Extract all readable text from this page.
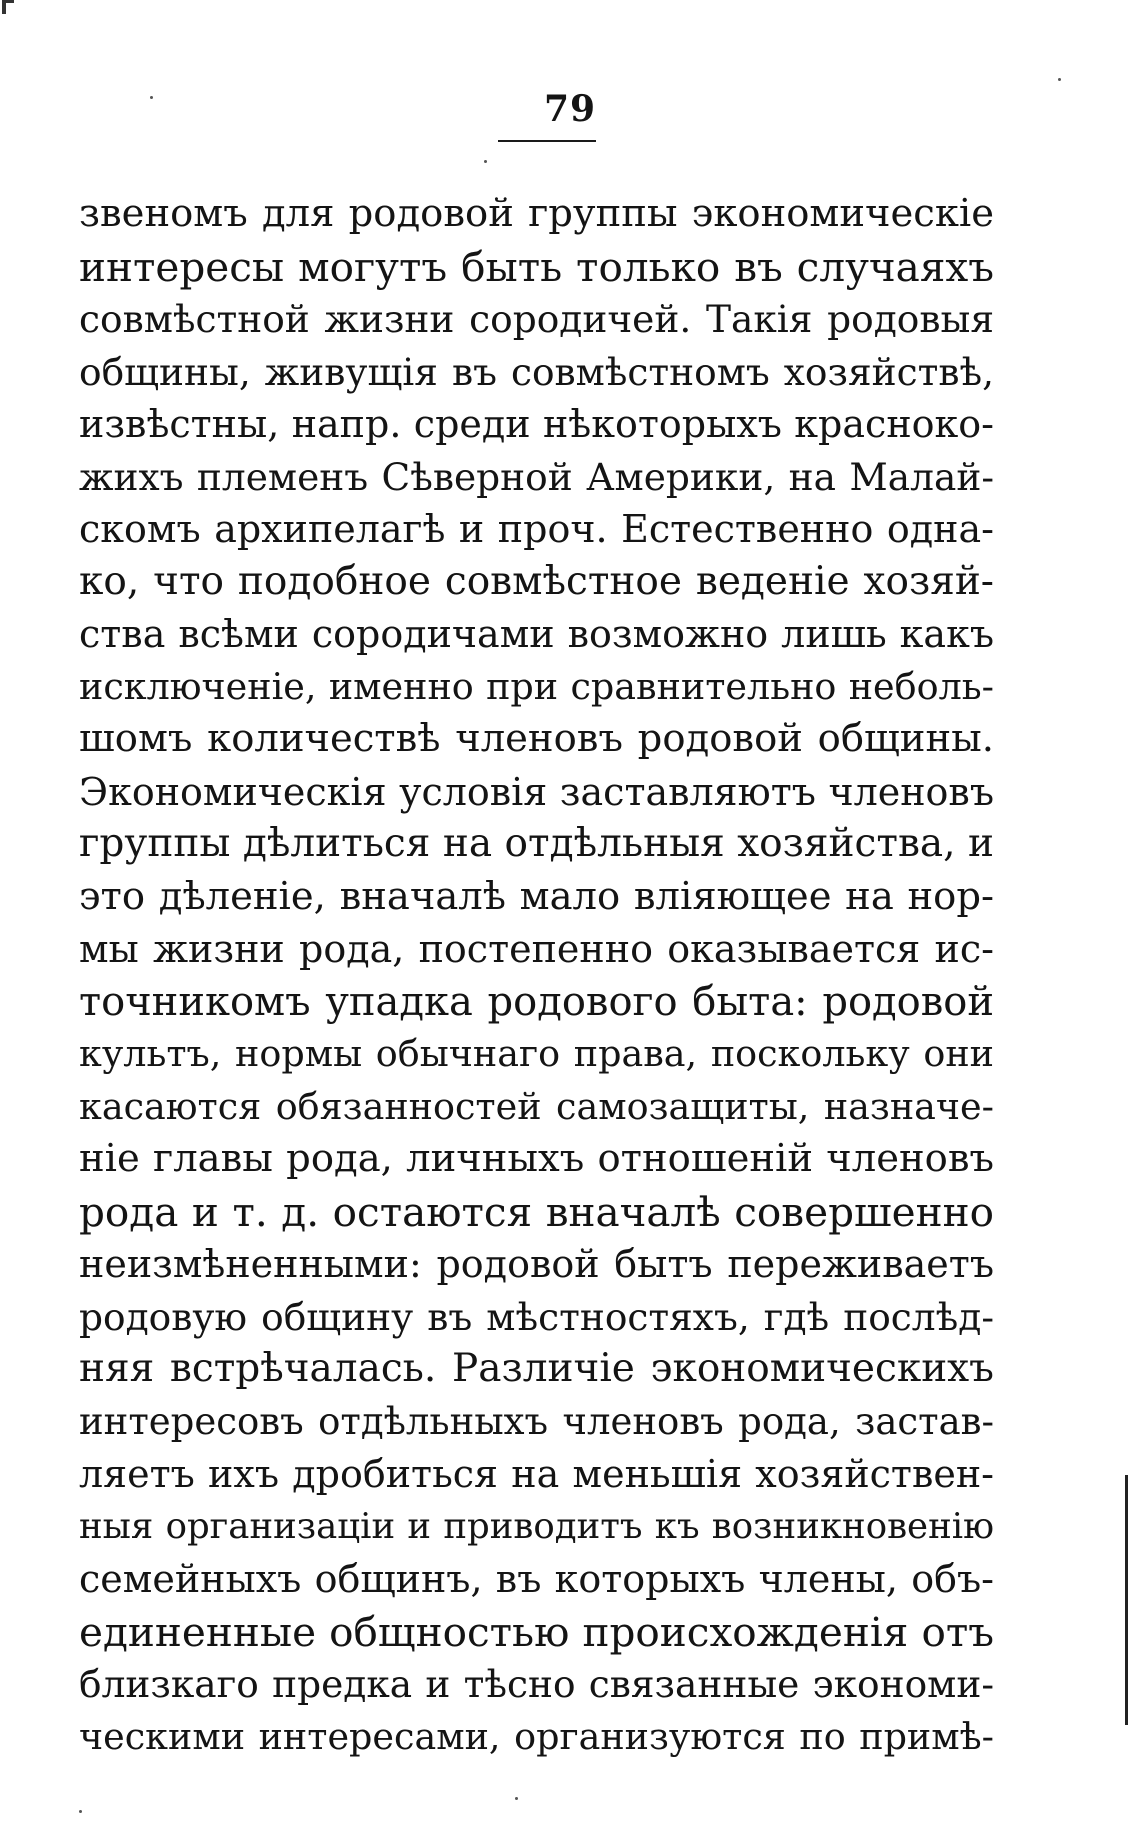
79
звеномъ для родовой группы экономическiе
интересы могутъ быть только въ случаяхъ
совмѣстной жизни сородичей. Такiя родовыя
общины, живущiя въ совмѣстномъ хозяйствѣ,
извѣстны, напр. среди нѣкоторыхъ красноко-
жихъ племенъ Сѣверной Америки, на Малай-
скомъ архипелагѣ и проч. Естественно одна-
ко, что подобное совмѣстное веденiе хозяй-
ства всѣми сородичами возможно лишь какъ
исключенiе, именно при сравнительно неболь-
шомъ количествѣ членовъ родовой общины.
Экономическiя условiя заставляютъ членовъ
группы дѣлиться на отдѣльныя хозяйства, и
это дѣленiе, вначалѣ мало влiяющее на нор-
мы жизни рода, постепенно оказывается ис-
точникомъ упадка родового быта: родовой
культъ, нормы обычнаго права, поскольку они
касаются обязанностей самозащиты, назначе-
нiе главы рода, личныхъ отношенiй членовъ
рода и т. д. остаются вначалѣ совершенно
неизмѣненными: родовой бытъ переживаетъ
родовую общину въ мѣстностяхъ, гдѣ послѣд-
няя встрѣчалась. Различiе экономическихъ
интересовъ отдѣльныхъ членовъ рода, застав-
ляетъ ихъ дробиться на меньшiя хозяйствен-
ныя организацiи и приводитъ къ возникновенiю
семейныхъ общинъ, въ которыхъ члены, объ-
единенные общностью происхожденiя отъ
близкаго предка и тѣсно связанные экономи-
ческими интересами, организуются по примѣ-
